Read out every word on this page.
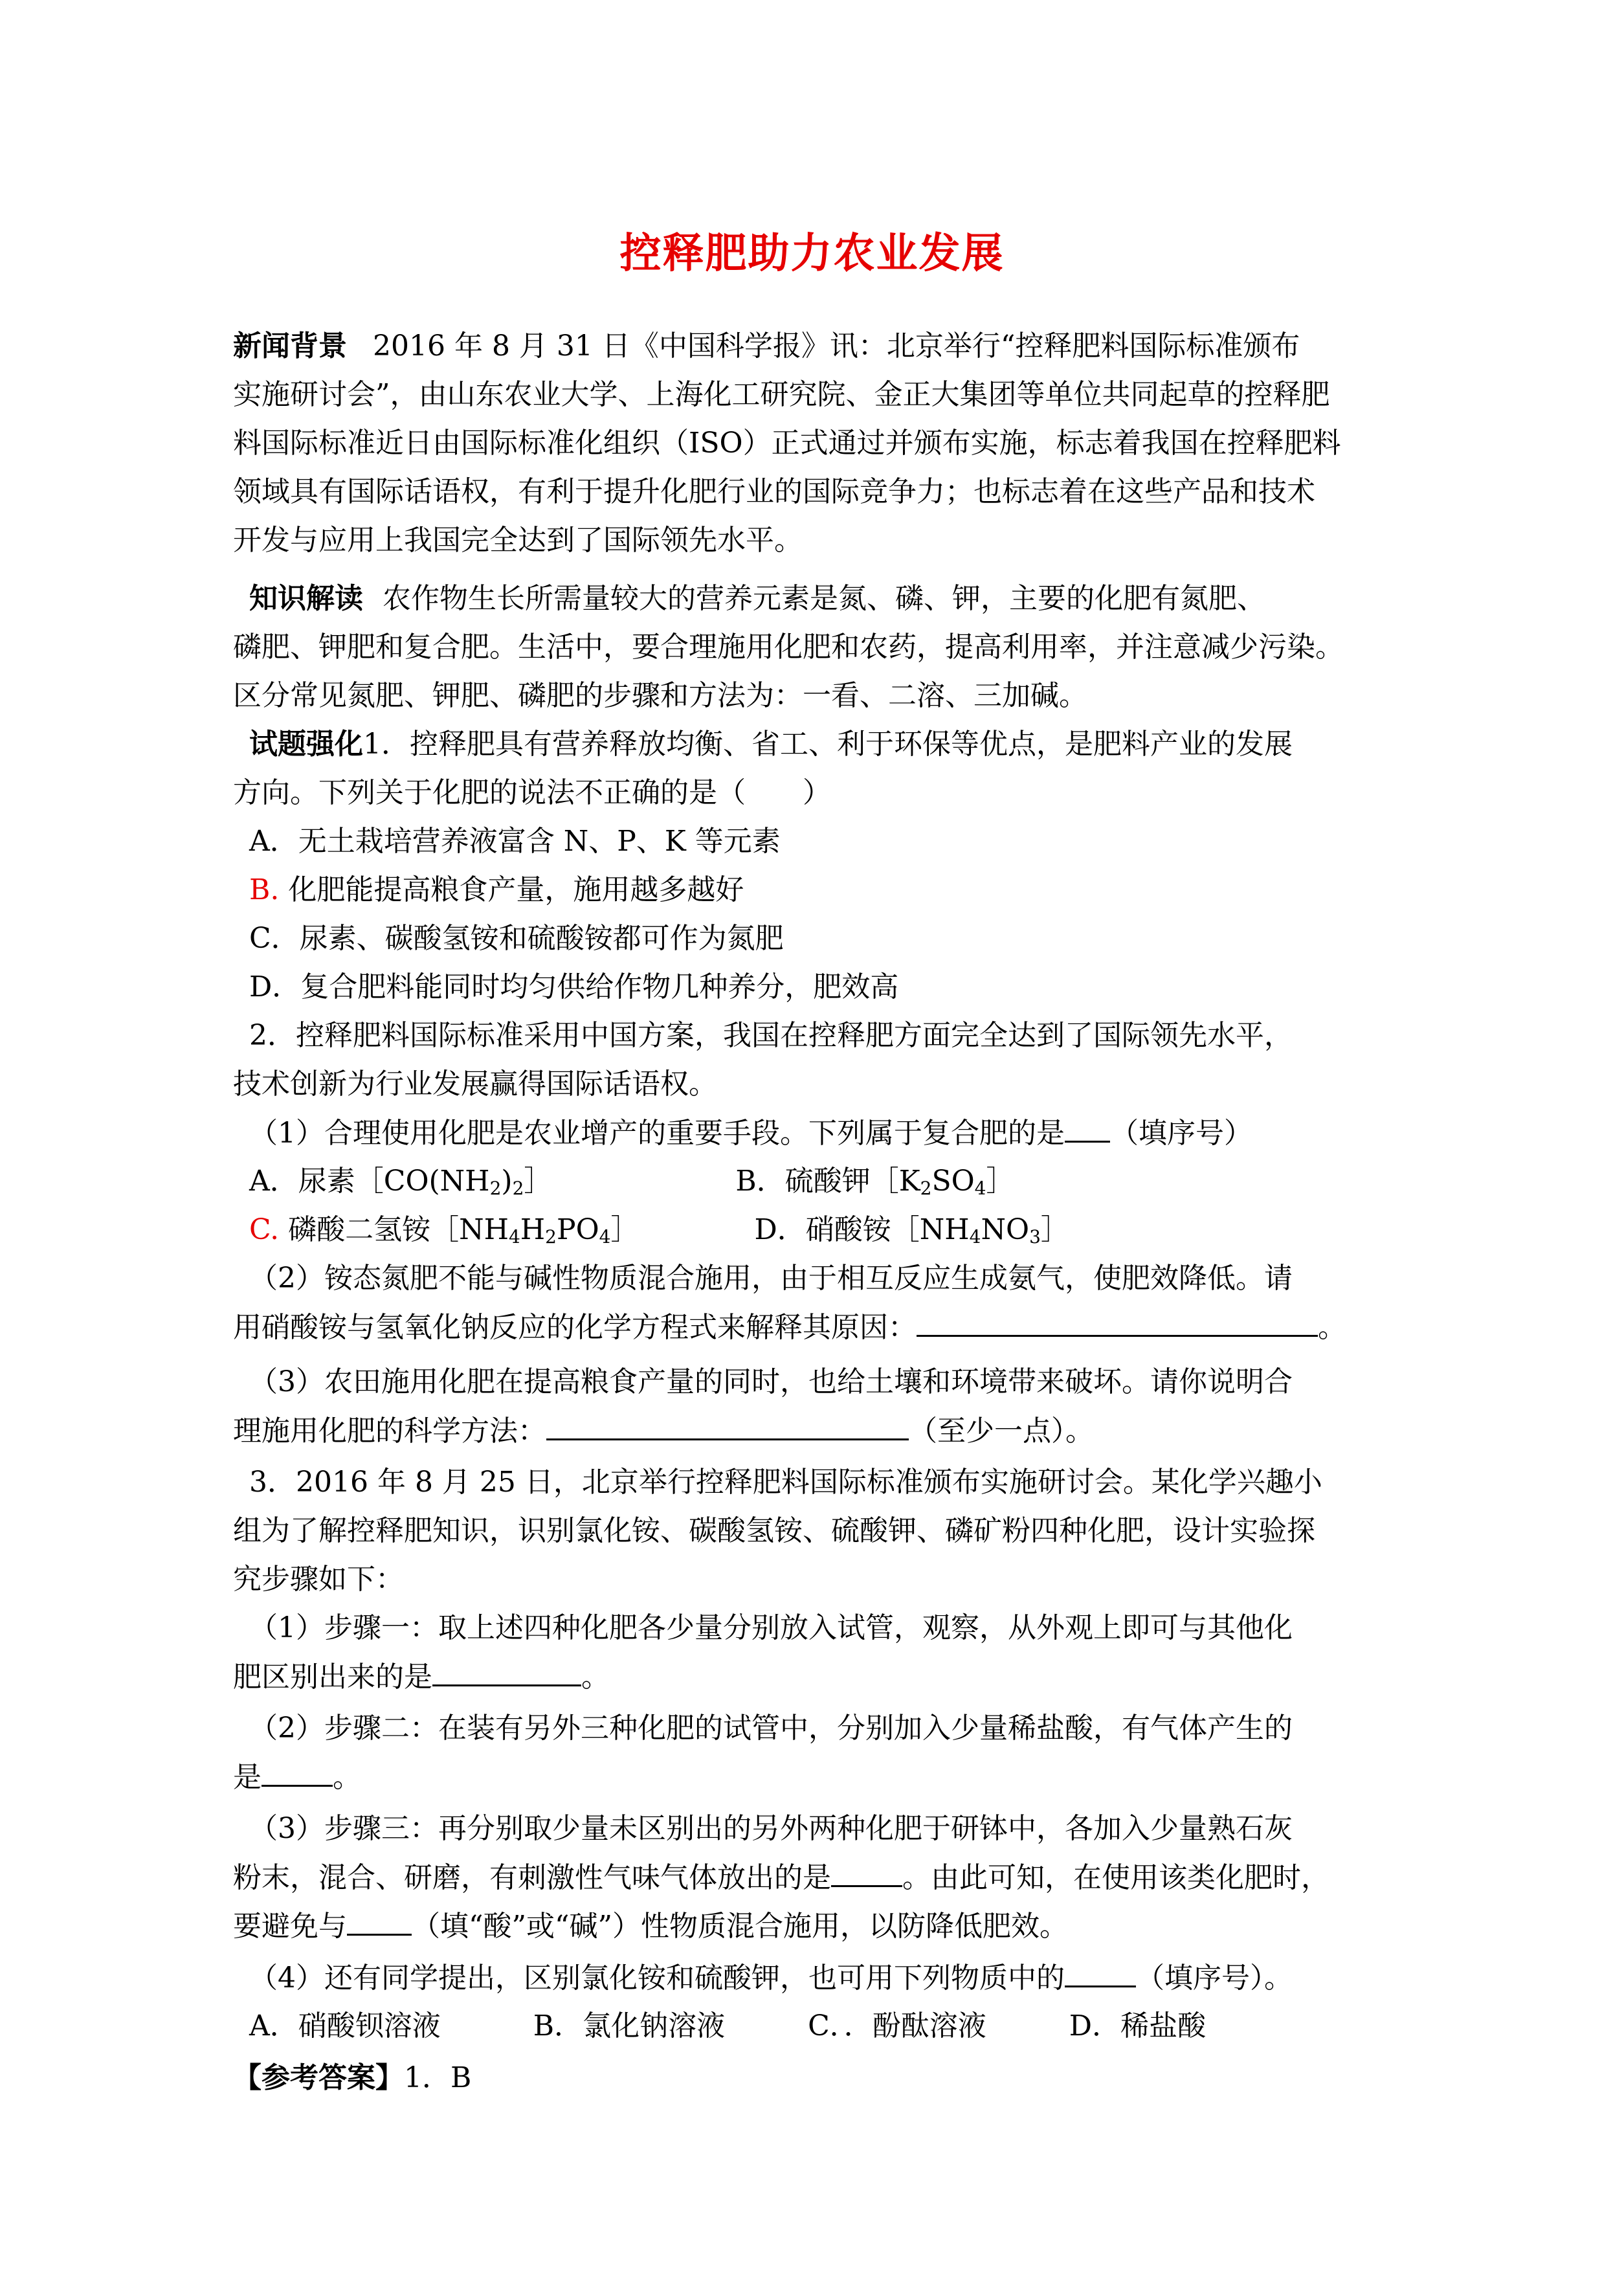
控释肥助力农业发展
新闻背景 2016 年 8 月 31 日《中国科学报》讯：北京举行“控释肥料国际标准颁布
实施研讨会”，由山东农业大学、上海化工研究院、金正大集团等单位共同起草的控释肥
料国际标准近日由国际标准化组织（ISO）正式通过并颁布实施，标志着我国在控释肥料
领域具有国际话语权，有利于提升化肥行业的国际竞争力；也标志着在这些产品和技术
开发与应用上我国完全达到了国际领先水平。
知识解读 农作物生长所需量较大的营养元素是氮、磷、钾，主要的化肥有氮肥、
磷肥、钾肥和复合肥。生活中，要合理施用化肥和农药，提高利用率，并注意减少污染。
区分常见氮肥、钾肥、磷肥的步骤和方法为：一看、二溶、三加碱。
试题强化1．控释肥具有营养释放均衡、省工、利于环保等优点，是肥料产业的发展
方向。下列关于化肥的说法不正确的是（　　）
A．无土栽培营养液富含 N、P、K 等元素
B. 化肥能提高粮食产量，施用越多越好
C．尿素、碳酸氢铵和硫酸铵都可作为氮肥
D．复合肥料能同时均匀供给作物几种养分，肥效高
2．控释肥料国际标准采用中国方案，我国在控释肥方面完全达到了国际领先水平，
技术创新为行业发展赢得国际话语权。
（1）合理使用化肥是农业增产的重要手段。下列属于复合肥的是 （填序号）
A．尿素$[CO(NH_2)_2]$	B．硫酸钾$[K_2SO_4]$
C. 磷酸二氢铵$[NH_4H_2PO_4]$	D．硝酸铵$[NH_4NO_3]$
（2）铵态氮肥不能与碱性物质混合施用，由于相互反应生成氨气，使肥效降低。请
用硝酸铵与氢氧化钠反应的化学方程式来解释其原因：	。
（3）农田施用化肥在提高粮食产量的同时，也给土壤和环境带来破坏。请你说明合
理施用化肥的科学方法：	（至少一点）。
3．2016 年 8 月 25 日，北京举行控释肥料国际标准颁布实施研讨会。某化学兴趣小
组为了解控释肥知识，识别氯化铵、碳酸氢铵、硫酸钾、磷矿粉四种化肥，设计实验探
究步骤如下：
（1）步骤一：取上述四种化肥各少量分别放入试管，观察，从外观上即可与其他化
肥区别出来的是	。
（2）步骤二：在装有另外三种化肥的试管中，分别加入少量稀盐酸，有气体产生的
是	。
（3）步骤三：再分别取少量未区别出的另外两种化肥于研钵中，各加入少量熟石灰
粉末，混合、研磨，有刺激性气味气体放出的是	。由此可知，在使用该类化肥时，
要避免与 （填“酸”或“碱”）性物质混合施用，以防降低肥效。
（4）还有同学提出，区别氯化铵和硫酸钾，也可用下列物质中的	（填序号）。
A．硝酸钡溶液	B．氯化钠溶液	C．．酚酞溶液	D．稀盐酸
【参考答案】1．B
